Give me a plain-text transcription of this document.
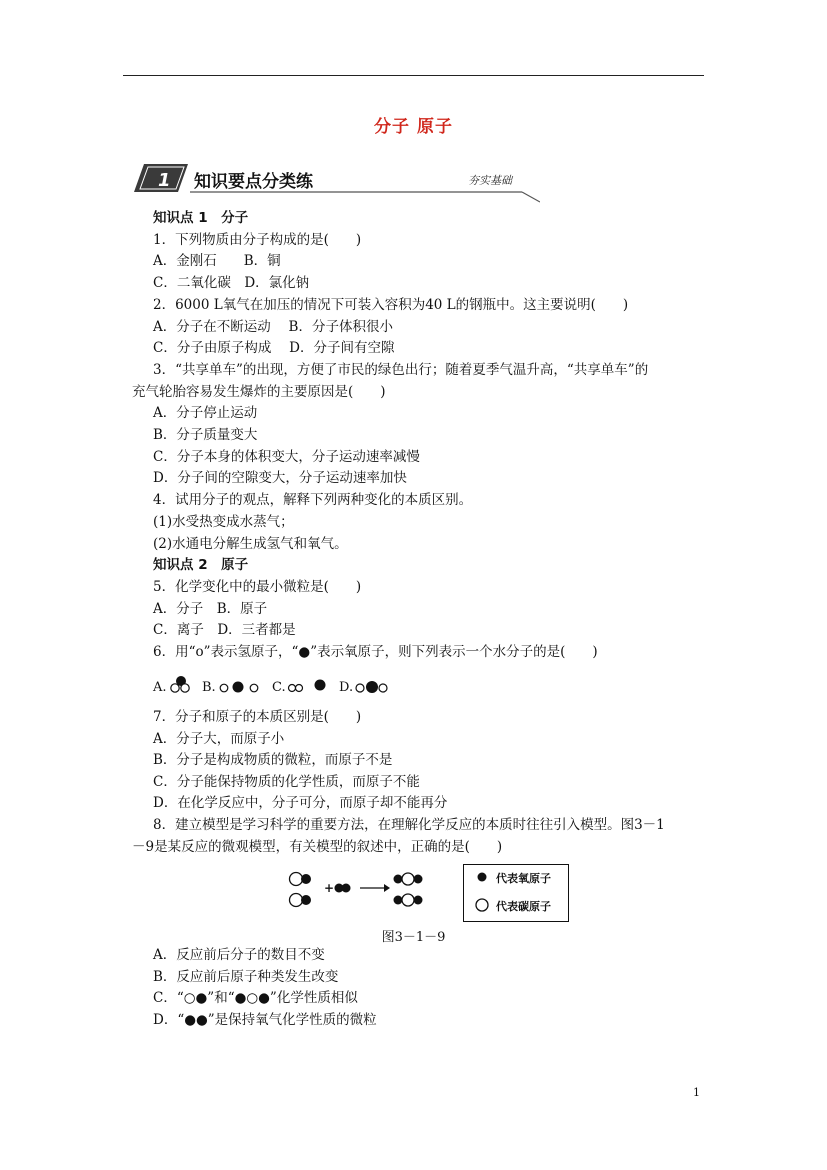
分子 原子
1 知识要点分类练	夯实基础
知识点 1　分子
1．下列物质由分子构成的是(　　)
A．金刚石　　B．铜
C．二氧化碳　D．氯化钠
2．6000 L氧气在加压的情况下可装入容积为40 L的钢瓶中。这主要说明(　　)
A．分子在不断运动　 B．分子体积很小
C．分子由原子构成　 D．分子间有空隙
3．“共享单车”的出现，方便了市民的绿色出行；随着夏季气温升高，“共享单车”的
充气轮胎容易发生爆炸的主要原因是(　　)
A．分子停止运动
B．分子质量变大
C．分子本身的体积变大，分子运动速率减慢
D．分子间的空隙变大，分子运动速率加快
4．试用分子的观点，解释下列两种变化的本质区别。
(1)水受热变成水蒸气；
(2)水通电分解生成氢气和氧气。
知识点 2　原子
5．化学变化中的最小微粒是(　　)
A．分子　B．原子
C．离子　D．三者都是
6．用“o”表示氢原子，“●”表示氧原子，则下列表示一个水分子的是(　　)
A.	B.	C.	D.
7．分子和原子的本质区别是(　　)
A．分子大，而原子小
B．分子是构成物质的微粒，而原子不是
C．分子能保持物质的化学性质，而原子不能
D．在化学反应中，分子可分，而原子却不能再分
8．建立模型是学习科学的重要方法，在理解化学反应的本质时往往引入模型。图3－1
－9是某反应的微观模型，有关模型的叙述中，正确的是(　　)
+
代表氧原子
代表碳原子
图3－1－9
A．反应前后分子的数目不变
B．反应前后原子种类发生改变
C．“○●”和“●○●”化学性质相似
D．“●●”是保持氧气化学性质的微粒
1
